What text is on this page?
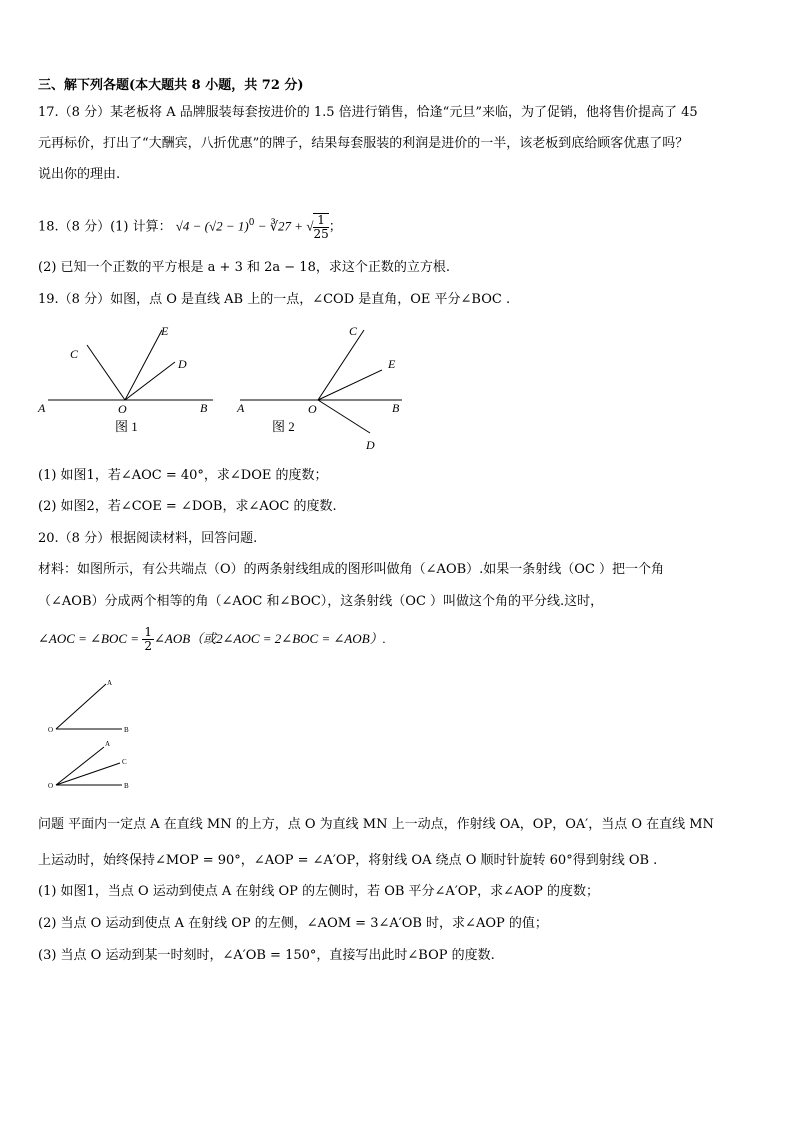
三、解下列各题(本大题共 8 小题，共 72 分)
17.（8 分）某老板将 A 品牌服装每套按进价的 1.5 倍进行销售，恰逢“元旦”来临，为了促销，他将售价提高了 45
元再标价，打出了“大酬宾，八折优惠”的牌子，结果每套服装的利润是进价的一半，该老板到底给顾客优惠了吗？
说出你的理由.
18.（8 分）(1) 计算： $√4 - (√2 - 1)^0$ − ∛27 + √ $\frac{1}{25}$ ；
(2) 已知一个正数的平方根是 a + 3 和 2a − 18，求这个正数的立方根.
19.（8 分）如图，点 O 是直线 AB 上的一点，∠COD 是直角，OE 平分∠BOC .
A	O	B
C
E
D
图 1
A	O	B
C
E
D
图 2
(1) 如图1，若∠AOC = 40°，求∠DOE 的度数；
(2) 如图2，若∠COE = ∠DOB，求∠AOC 的度数.
20.（8 分）根据阅读材料，回答问题.
材料：如图所示，有公共端点（O）的两条射线组成的图形叫做角（∠AOB）.如果一条射线（OC ）把一个角
（∠AOB）分成两个相等的角（∠AOC 和∠BOC），这条射线（OC ）叫做这个角的平分线.这时，
∠AOC = ∠BOC = $\frac{1}{2}$ ∠AOB（或2∠AOC = 2∠BOC = ∠AOB）.
A
O	B
A
C
O	B
问题 平面内一定点 A 在直线 MN 的上方，点 O 为直线 MN 上一动点，作射线 OA，OP，OA′，当点 O 在直线 MN
上运动时，始终保持∠MOP = 90°，∠AOP = ∠A′OP，将射线 OA 绕点 O 顺时针旋转 60°得到射线 OB .
(1) 如图1，当点 O 运动到使点 A 在射线 OP 的左侧时，若 OB 平分∠A′OP，求∠AOP 的度数；
(2) 当点 O 运动到使点 A 在射线 OP 的左侧，∠AOM = 3∠A′OB 时，求∠AOP 的值；
(3) 当点 O 运动到某一时刻时，∠A′OB = 150°，直接写出此时∠BOP 的度数.
